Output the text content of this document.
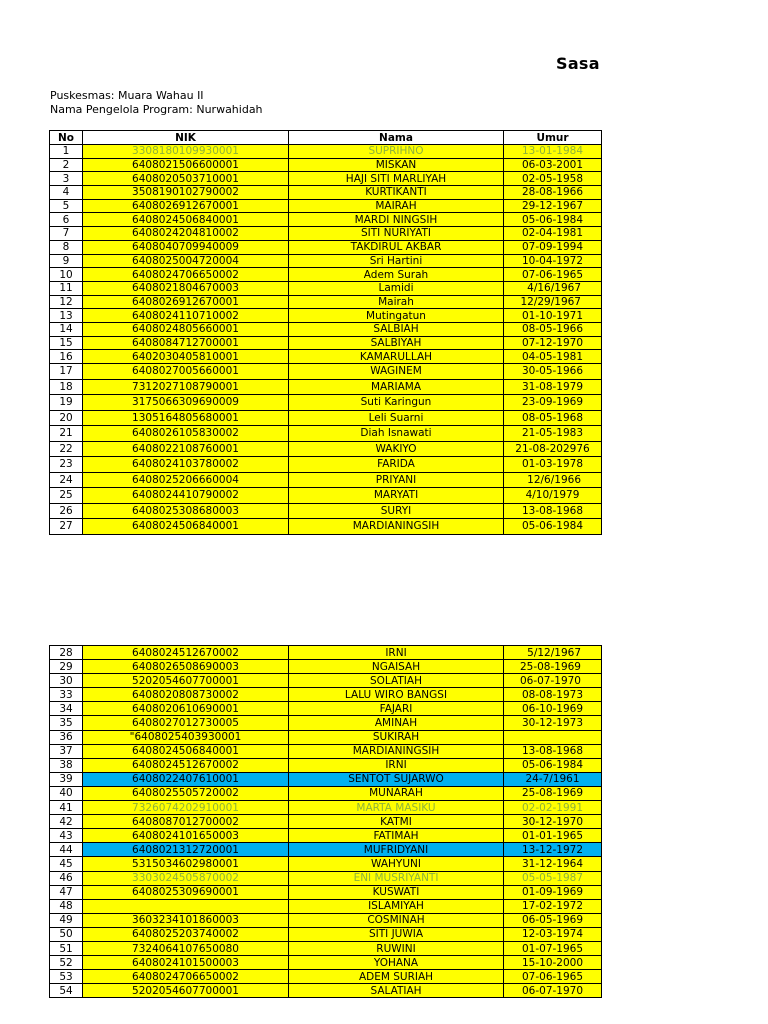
Sasa
Puskesmas: Muara Wahau II
Nama Pengelola Program: Nurwahidah
No	NIK	Nama	Umur
1	3308180109930001	SUPRIHNO	13-01-1984
2	6408021506600001	MISKAN	06-03-2001
3	6408020503710001	HAJI SITI MARLIYAH	02-05-1958
4	3508190102790002	KURTIKANTI	28-08-1966
5	6408026912670001	MAIRAH	29-12-1967
6	6408024506840001	MARDI NINGSIH	05-06-1984
7	6408024204810002	SITI NURIYATI	02-04-1981
8	6408040709940009	TAKDIRUL AKBAR	07-09-1994
9	6408025004720004	Sri Hartini	10-04-1972
10	6408024706650002	Adem Surah	07-06-1965
11	6408021804670003	Lamidi	4/16/1967
12	6408026912670001	Mairah	12/29/1967
13	6408024110710002	Mutingatun	01-10-1971
14	6408024805660001	SALBIAH	08-05-1966
15	6408084712700001	SALBIYAH	07-12-1970
16	6402030405810001	KAMARULLAH	04-05-1981
17	6408027005660001	WAGINEM	30-05-1966
18	7312027108790001	MARIAMA	31-08-1979
19	3175066309690009	Suti Karingun	23-09-1969
20	1305164805680001	Leli Suarni	08-05-1968
21	6408026105830002	Diah Isnawati	21-05-1983
22	6408022108760001	WAKIYO	21-08-202976
23	6408024103780002	FARIDA	01-03-1978
24	6408025206660004	PRIYANI	12/6/1966
25	6408024410790002	MARYATI	4/10/1979
26	6408025308680003	SURYI	13-08-1968
27	6408024506840001	MARDIANINGSIH	05-06-1984
28	6408024512670002	IRNI	5/12/1967
29	6408026508690003	NGAISAH	25-08-1969
30	5202054607700001	SOLATIAH	06-07-1970
33	6408020808730002	LALU WIRO BANGSI	08-08-1973
34	6408020610690001	FAJARI	06-10-1969
35	6408027012730005	AMINAH	30-12-1973
36	"6408025403930001	SUKIRAH	
37	6408024506840001	MARDIANINGSIH	13-08-1968
38	6408024512670002	IRNI	05-06-1984
39	6408022407610001	SENTOT SUJARWO	24-7/1961
40	6408025505720002	MUNARAH	25-08-1969
41	7326074202910001	MARTA MASIKU	02-02-1991
42	6408087012700002	KATMI	30-12-1970
43	6408024101650003	FATIMAH	01-01-1965
44	6408021312720001	MUFRIDYANI	13-12-1972
45	5315034602980001	WAHYUNI	31-12-1964
46	3303024505870002	ENI MUSRIYANTI	05-05-1987
47	6408025309690001	KUSWATI	01-09-1969
48		ISLAMIYAH	17-02-1972
49	3603234101860003	COSMINAH	06-05-1969
50	6408025203740002	SITI JUWIA	12-03-1974
51	7324064107650080	RUWINI	01-07-1965
52	6408024101500003	YOHANA	15-10-2000
53	6408024706650002	ADEM SURIAH	07-06-1965
54	5202054607700001	SALATIAH	06-07-1970
